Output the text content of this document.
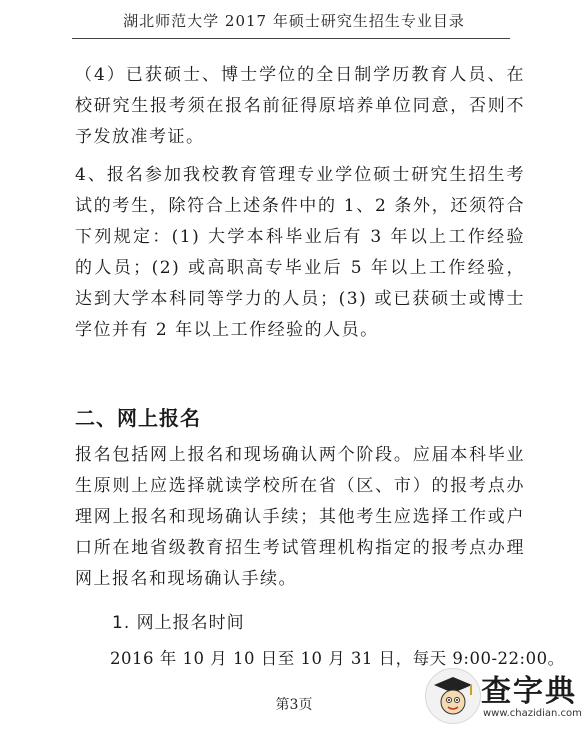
湖北师范大学 2017 年硕士研究生招生专业目录
（4）已获硕士、博士学位的全日制学历教育人员、在校研究生报考须在报名前征得原培养单位同意，否则不予发放准考证。
4、报名参加我校教育管理专业学位硕士研究生招生考试的考生，除符合上述条件中的 1、2 条外，还须符合下列规定：(1) 大学本科毕业后有 3 年以上工作经验的人员；(2) 或高职高专毕业后 5 年以上工作经验，达到大学本科同等学力的人员；(3) 或已获硕士或博士学位并有 2 年以上工作经验的人员。
二、网上报名
报名包括网上报名和现场确认两个阶段。应届本科毕业生原则上应选择就读学校所在省（区、市）的报考点办理网上报名和现场确认手续；其他考生应选择工作或户口所在地省级教育招生考试管理机构指定的报考点办理网上报名和现场确认手续。
1. 网上报名时间
2016 年 10 月 10 日至 10 月 31 日，每天 9:00-22:00。
第3页	查字典
www.chazidian.com
